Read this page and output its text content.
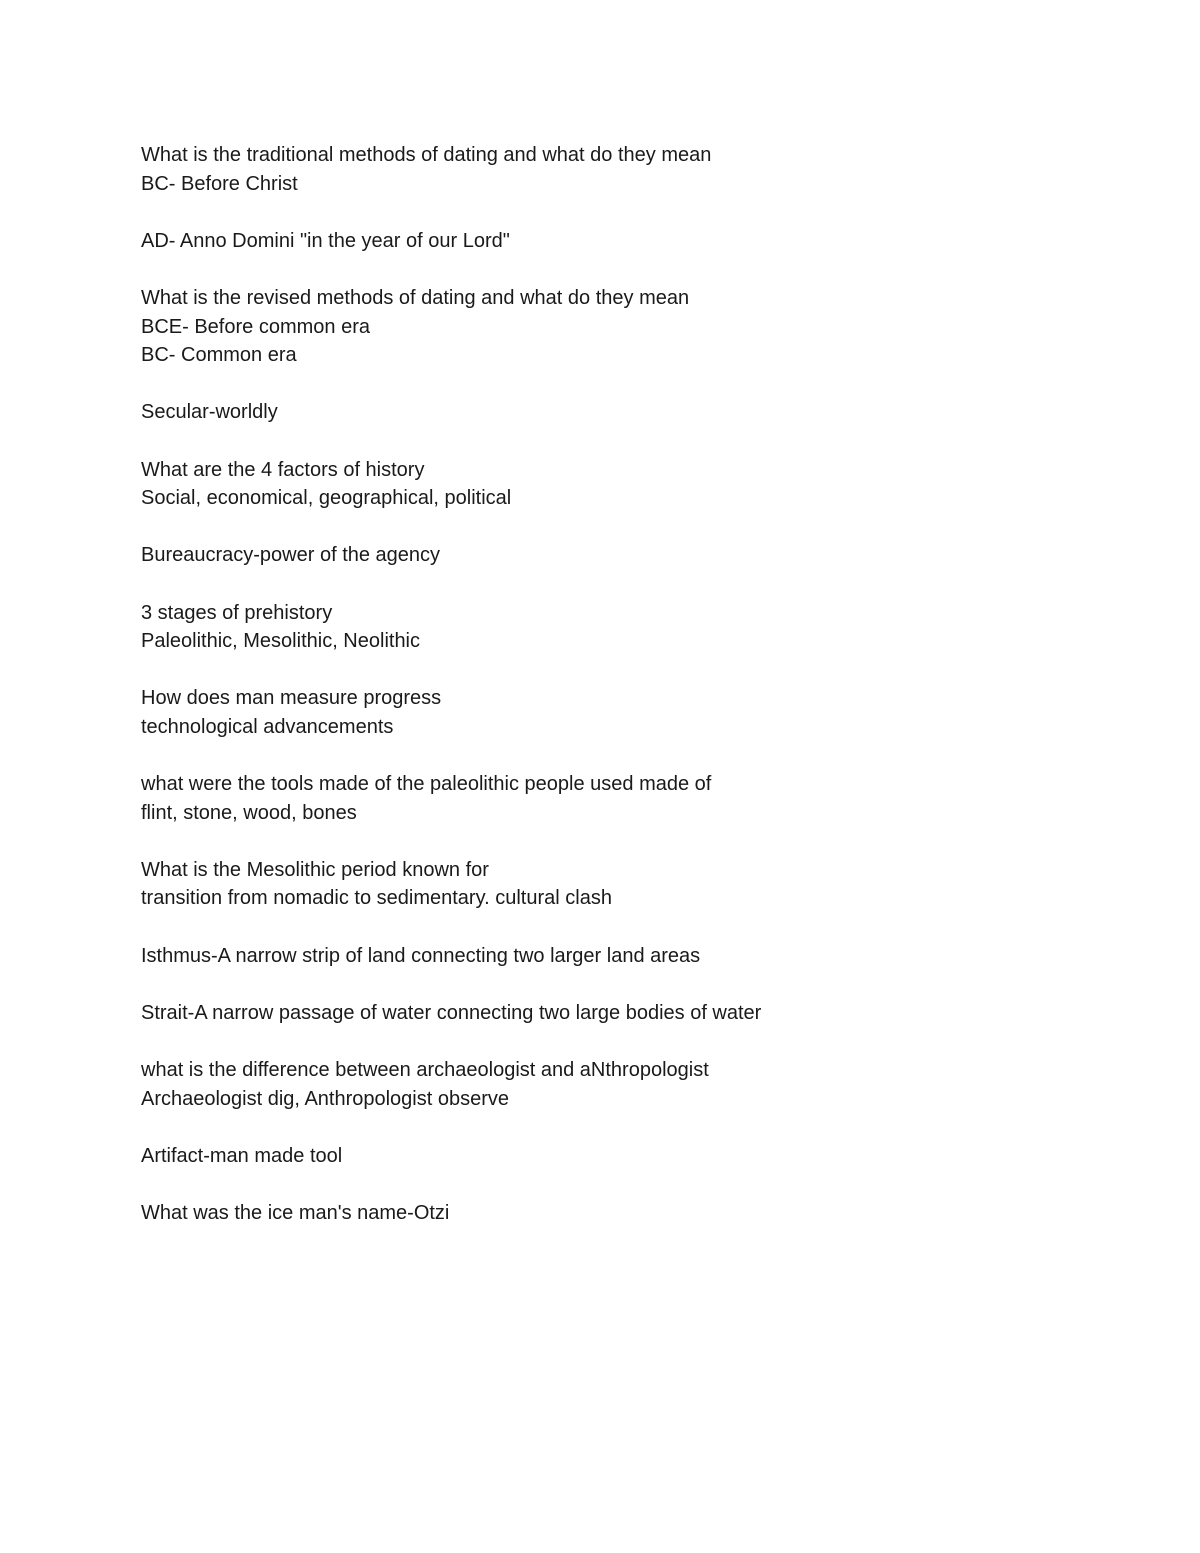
What is the traditional methods of dating and what do they mean
BC- Before Christ
AD- Anno Domini "in the year of our Lord"
What is the revised methods of dating and what do they mean
BCE- Before common era
BC- Common era
Secular-worldly
What are the 4 factors of history
Social, economical, geographical, political
Bureaucracy-power of the agency
3 stages of prehistory
Paleolithic, Mesolithic, Neolithic
How does man measure progress
technological advancements
what were the tools made of the paleolithic people used made of
flint, stone, wood, bones
What is the Mesolithic period known for
transition from nomadic to sedimentary. cultural clash
Isthmus-A narrow strip of land connecting two larger land areas
Strait-A narrow passage of water connecting two large bodies of water
what is the difference between archaeologist and aNthropologist
Archaeologist dig, Anthropologist observe
Artifact-man made tool
What was the ice man's name-Otzi
